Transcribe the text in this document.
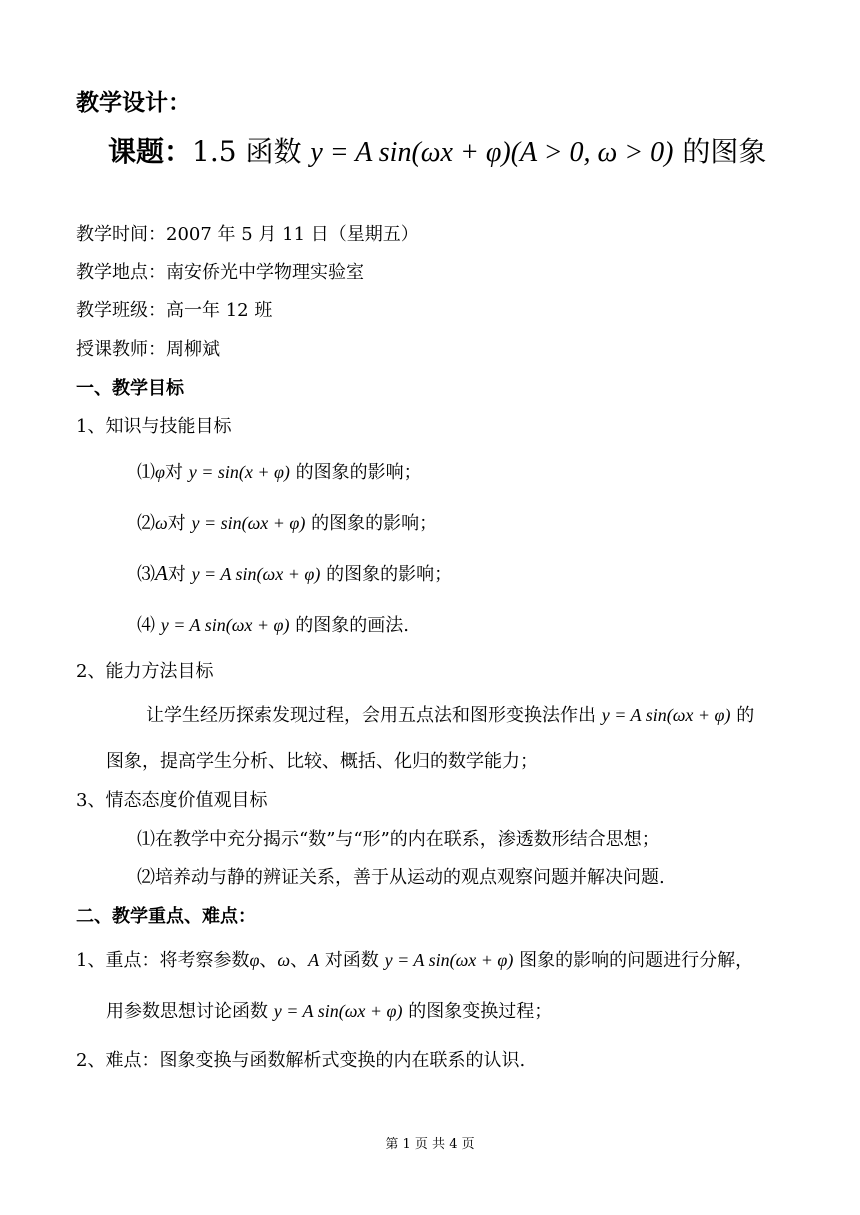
教学设计：
课题：1.5 函数 y = A sin(ωx + φ)(A > 0, ω > 0) 的图象
教学时间：2007 年 5 月 11 日（星期五）
教学地点：南安侨光中学物理实验室
教学班级：高一年 12 班
授课教师：周柳斌
一、教学目标
1、知识与技能目标
⑴φ对 y = sin(x + φ) 的图象的影响；
⑵ω对 y = sin(ωx + φ) 的图象的影响；
⑶A对 y = A sin(ωx + φ) 的图象的影响；
⑷ y = A sin(ωx + φ) 的图象的画法.
2、能力方法目标
让学生经历探索发现过程，会用五点法和图形变换法作出 y = A sin(ωx + φ) 的
图象，提高学生分析、比较、概括、化归的数学能力；
3、情态态度价值观目标
⑴在教学中充分揭示“数”与“形”的内在联系，渗透数形结合思想；
⑵培养动与静的辨证关系，善于从运动的观点观察问题并解决问题.
二、教学重点、难点：
1、重点：将考察参数φ、ω、A 对函数 y = A sin(ωx + φ) 图象的影响的问题进行分解，
用参数思想讨论函数 y = A sin(ωx + φ) 的图象变换过程；
2、难点：图象变换与函数解析式变换的内在联系的认识.
第 1 页 共 4 页
